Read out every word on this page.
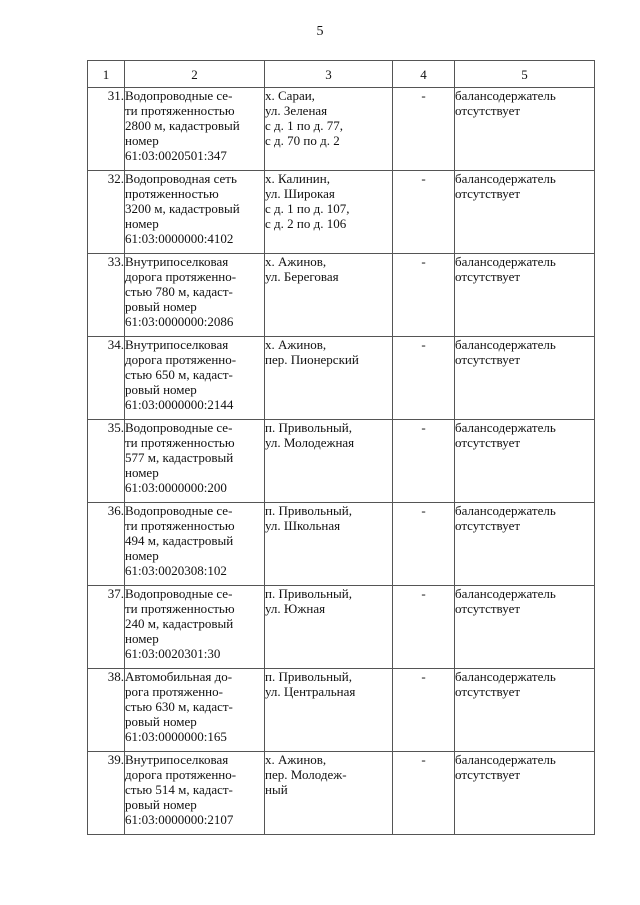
5
1	2	3	4	5
31.	Водопроводные се-
ти протяженностью
2800 м, кадастровый
номер
61:03:0020501:347	х. Сараи,
ул. Зеленая
с д. 1 по д. 77,
с д. 70 по д. 2	-	балансодержатель
отсутствует
32.	Водопроводная сеть
протяженностью
3200 м, кадастровый
номер
61:03:0000000:4102	х. Калинин,
ул. Широкая
с д. 1 по д. 107,
с д. 2 по д. 106	-	балансодержатель
отсутствует
33.	Внутрипоселковая
дорога протяженно-
стью 780 м, кадаст-
ровый номер
61:03:0000000:2086	х. Ажинов,
ул. Береговая	-	балансодержатель
отсутствует
34.	Внутрипоселковая
дорога протяженно-
стью 650 м, кадаст-
ровый номер
61:03:0000000:2144	х. Ажинов,
пер. Пионерский	-	балансодержатель
отсутствует
35.	Водопроводные се-
ти протяженностью
577 м, кадастровый
номер
61:03:0000000:200	п. Привольный,
ул. Молодежная	-	балансодержатель
отсутствует
36.	Водопроводные се-
ти протяженностью
494 м, кадастровый
номер
61:03:0020308:102	п. Привольный,
ул. Школьная	-	балансодержатель
отсутствует
37.	Водопроводные се-
ти протяженностью
240 м, кадастровый
номер
61:03:0020301:30	п. Привольный,
ул. Южная	-	балансодержатель
отсутствует
38.	Автомобильная до-
рога протяженно-
стью 630 м, кадаст-
ровый номер
61:03:0000000:165	п. Привольный,
ул. Центральная	-	балансодержатель
отсутствует
39.	Внутрипоселковая
дорога протяженно-
стью 514 м, кадаст-
ровый номер
61:03:0000000:2107	х. Ажинов,
пер. Молодеж-
ный	-	балансодержатель
отсутствует
